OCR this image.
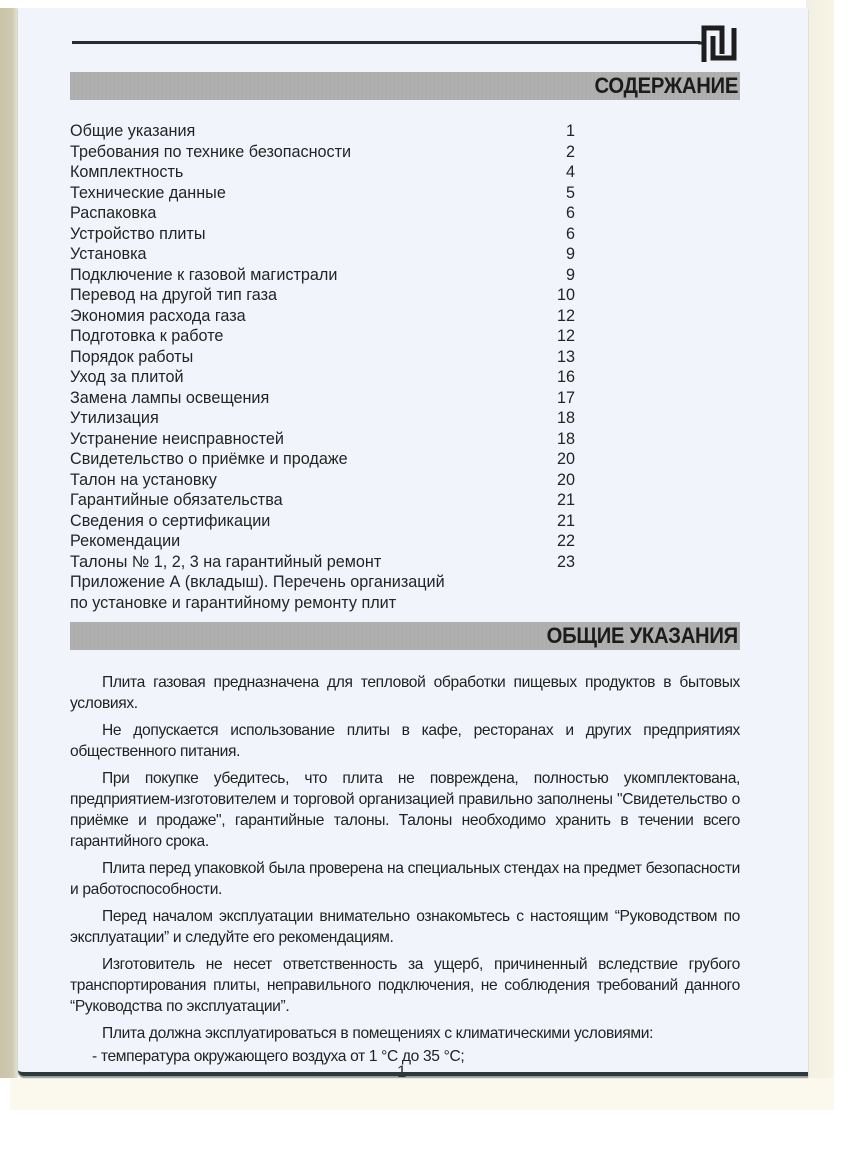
СОДЕРЖАНИЕ
Общие указания	1
Требования по технике безопасности	2
Комплектность	4
Технические данные	5
Распаковка	6
Устройство плиты	6
Установка	9
Подключение к газовой магистрали	9
Перевод на другой тип газа	10
Экономия расхода газа	12
Подготовка к работе	12
Порядок работы	13
Уход за плитой	16
Замена лампы освещения	17
Утилизация	18
Устранение неисправностей	18
Свидетельство о приёмке и продаже	20
Талон на установку	20
Гарантийные обязательства	21
Сведения о сертификации	21
Рекомендации	22
Талоны № 1, 2, 3 на гарантийный ремонт	23
Приложение А (вкладыш). Перечень организаций
по установке и гарантийному ремонту плит
ОБЩИЕ УКАЗАНИЯ

Плита газовая предназначена для тепловой обработки пищевых продуктов в бытовых условиях.

Не допускается использование плиты в кафе, ресторанах и других предприятиях общественного питания.

При покупке убедитесь, что плита не повреждена, полностью укомплектована, предприятием-изготовителем и торговой организацией правильно заполнены "Свидетельство о приёмке и продаже", гарантийные талоны. Талоны необходимо хранить в течении всего гарантийного срока.

Плита перед упаковкой была проверена на специальных стендах на предмет безопасности и работоспособности.

Перед началом эксплуатации внимательно ознакомьтесь с настоящим “Руководством по эксплуатации” и следуйте его рекомендациям.

Изготовитель не несет ответственность за ущерб, причиненный вследствие грубого транспортирования плиты, неправильного подключения, не соблюдения требований данного “Руководства по эксплуатации”.

Плита должна эксплуатироваться в помещениях с климатическими условиями:

- температура окружающего воздуха от 1 °С до 35 °С;

1
